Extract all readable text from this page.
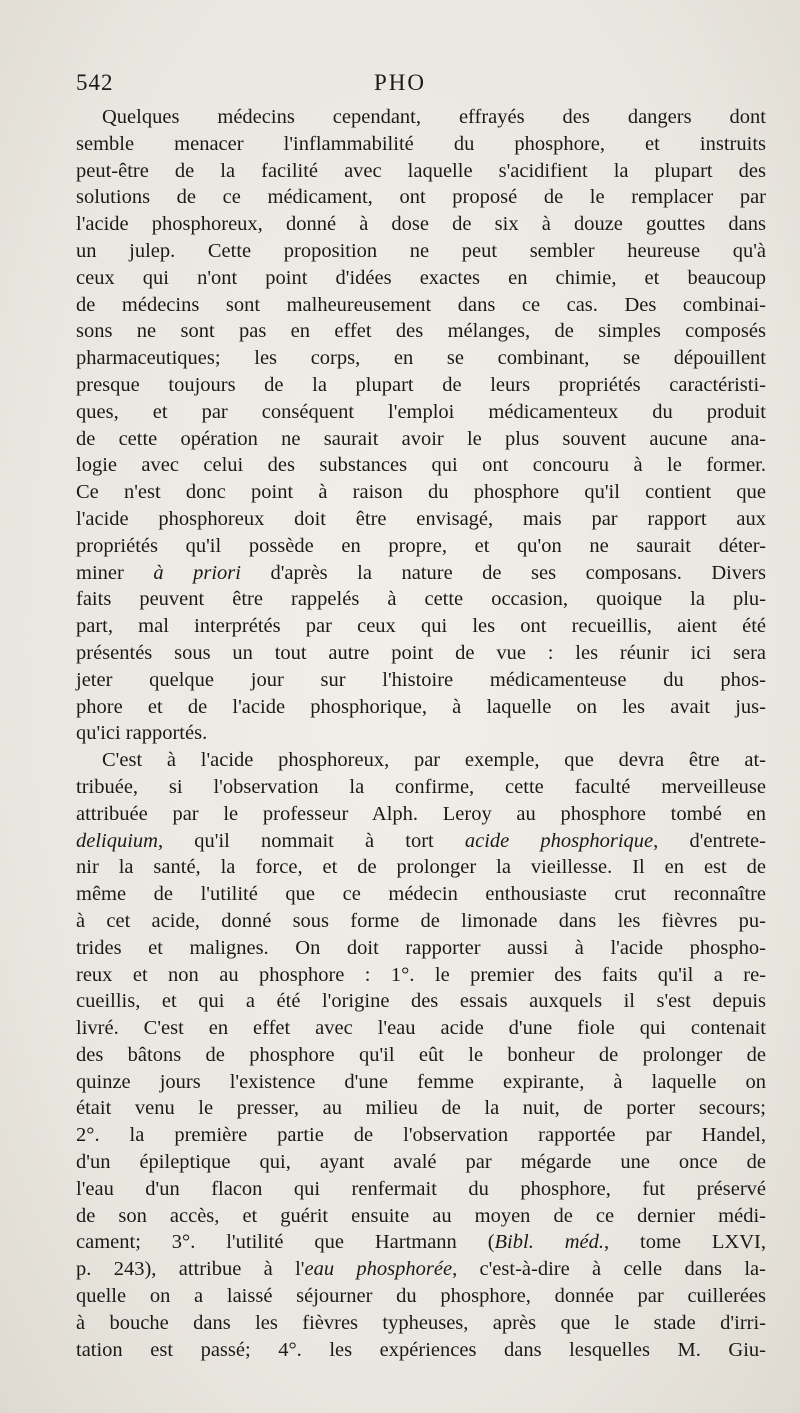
542	PHO
Quelques médecins cependant, effrayés des dangers dont
semble menacer l'inflammabilité du phosphore, et instruits
peut-être de la facilité avec laquelle s'acidifient la plupart des
solutions de ce médicament, ont proposé de le remplacer par
l'acide phosphoreux, donné à dose de six à douze gouttes dans
un julep. Cette proposition ne peut sembler heureuse qu'à
ceux qui n'ont point d'idées exactes en chimie, et beaucoup
de médecins sont malheureusement dans ce cas. Des combinai-
sons ne sont pas en effet des mélanges, de simples composés
pharmaceutiques; les corps, en se combinant, se dépouillent
presque toujours de la plupart de leurs propriétés caractéristi-
ques, et par conséquent l'emploi médicamenteux du produit
de cette opération ne saurait avoir le plus souvent aucune ana-
logie avec celui des substances qui ont concouru à le former.
Ce n'est donc point à raison du phosphore qu'il contient que
l'acide phosphoreux doit être envisagé, mais par rapport aux
propriétés qu'il possède en propre, et qu'on ne saurait déter-
miner à priori d'après la nature de ses composans. Divers
faits peuvent être rappelés à cette occasion, quoique la plu-
part, mal interprétés par ceux qui les ont recueillis, aient été
présentés sous un tout autre point de vue : les réunir ici sera
jeter quelque jour sur l'histoire médicamenteuse du phos-
phore et de l'acide phosphorique, à laquelle on les avait jus-
qu'ici rapportés.
C'est à l'acide phosphoreux, par exemple, que devra être at-
tribuée, si l'observation la confirme, cette faculté merveilleuse
attribuée par le professeur Alph. Leroy au phosphore tombé en
deliquium, qu'il nommait à tort acide phosphorique, d'entrete-
nir la santé, la force, et de prolonger la vieillesse. Il en est de
même de l'utilité que ce médecin enthousiaste crut reconnaître
à cet acide, donné sous forme de limonade dans les fièvres pu-
trides et malignes. On doit rapporter aussi à l'acide phospho-
reux et non au phosphore : 1°. le premier des faits qu'il a re-
cueillis, et qui a été l'origine des essais auxquels il s'est depuis
livré. C'est en effet avec l'eau acide d'une fiole qui contenait
des bâtons de phosphore qu'il eût le bonheur de prolonger de
quinze jours l'existence d'une femme expirante, à laquelle on
était venu le presser, au milieu de la nuit, de porter secours;
2°. la première partie de l'observation rapportée par Handel,
d'un épileptique qui, ayant avalé par mégarde une once de
l'eau d'un flacon qui renfermait du phosphore, fut préservé
de son accès, et guérit ensuite au moyen de ce dernier médi-
cament; 3°. l'utilité que Hartmann (Bibl. méd., tome LXVI,
p. 243), attribue à l'eau phosphorée, c'est-à-dire à celle dans la-
quelle on a laissé séjourner du phosphore, donnée par cuillerées
à bouche dans les fièvres typheuses, après que le stade d'irri-
tation est passé; 4°. les expériences dans lesquelles M. Giu-
